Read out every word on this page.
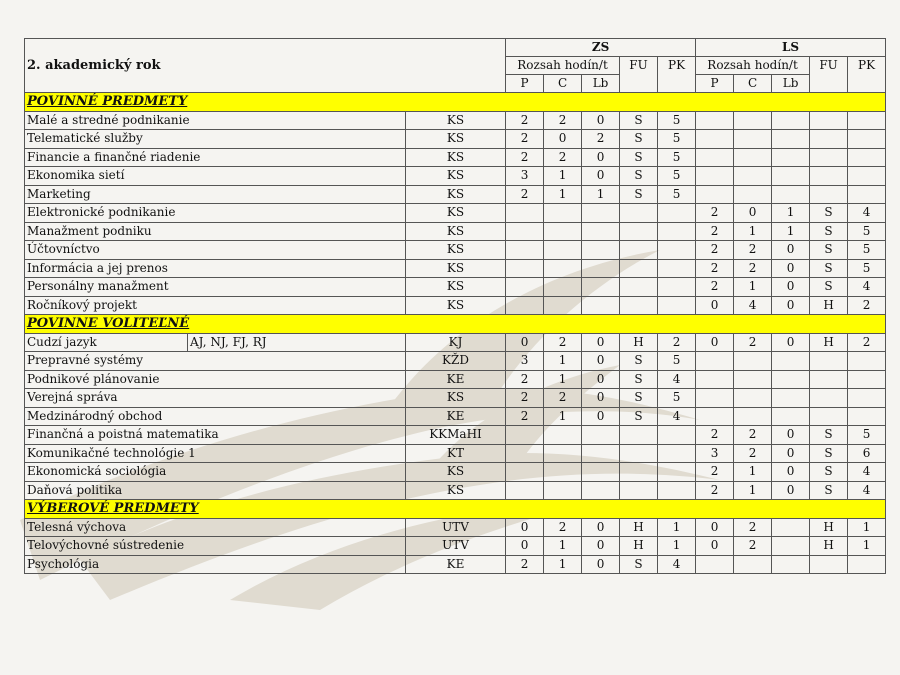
2. akademický rok			ZS					LS				
			Rozsah hodín/t			FU	PK	Rozsah hodín/t			FU	PK
			P	C	Lb			P	C	Lb		
POVINNÉ PREDMETY												
Malé a stredné podnikanie		KS	2	2	0	S	5					
Telematické služby		KS	2	0	2	S	5					
Financie a finančné riadenie		KS	2	2	0	S	5					
Ekonomika sietí		KS	3	1	0	S	5					
Marketing		KS	2	1	1	S	5					
Elektronické podnikanie		KS						2	0	1	S	4
Manažment podniku		KS						2	1	1	S	5
Účtovníctvo		KS						2	2	0	S	5
Informácia a jej prenos		KS						2	2	0	S	5
Personálny manažment		KS						2	1	0	S	4
Ročníkový projekt		KS						0	4	0	H	2
POVINNE VOLITEĽNÉ												
Cudzí jazyk	AJ, NJ, FJ, RJ	KJ	0	2	0	H	2	0	2	0	H	2
Prepravné systémy		KŽD	3	1	0	S	5					
Podnikové plánovanie		KE	2	1	0	S	4					
Verejná správa		KS	2	2	0	S	5					
Medzinárodný obchod		KE	2	1	0	S	4					
Finančná a poistná matematika		KKMaHI						2	2	0	S	5
Komunikačné technológie 1		KT						3	2	0	S	6
Ekonomická sociológia		KS						2	1	0	S	4
Daňová politika		KS						2	1	0	S	4
VÝBEROVÉ PREDMETY												
Telesná výchova		UTV	0	2	0	H	1	0	2		H	1
Telovýchovné sústredenie		UTV	0	1	0	H	1	0	2		H	1
Psychológia		KE	2	1	0	S	4					
